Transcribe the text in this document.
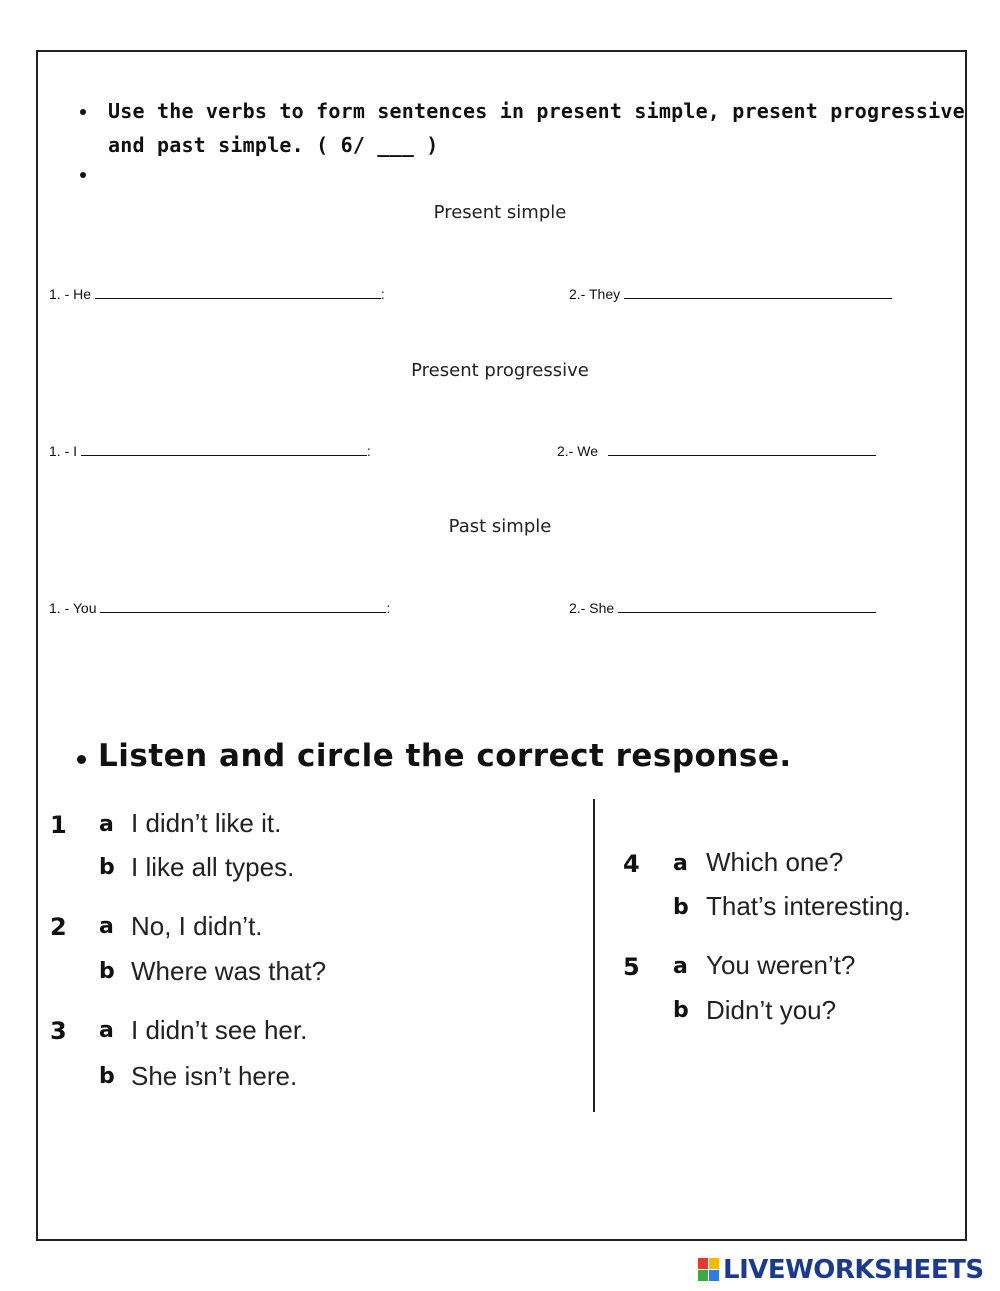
Use the verbs to form sentences in present simple, present progressive
and past simple. ( 6/ ___ )
Present simple
1. - He	:	2.- They
Present progressive
1. - I	:	2.- We
Past simple
1. - You	:	2.- She
Listen and circle the correct response.
1 a I didn’t like it.
b I like all types.
2 a No, I didn’t.
b Where was that?
3 a I didn’t see her.
b She isn’t here.
4 a Which one?
b That’s interesting.
5 a You weren’t?
b Didn’t you?
LIVEWORKSHEETS
